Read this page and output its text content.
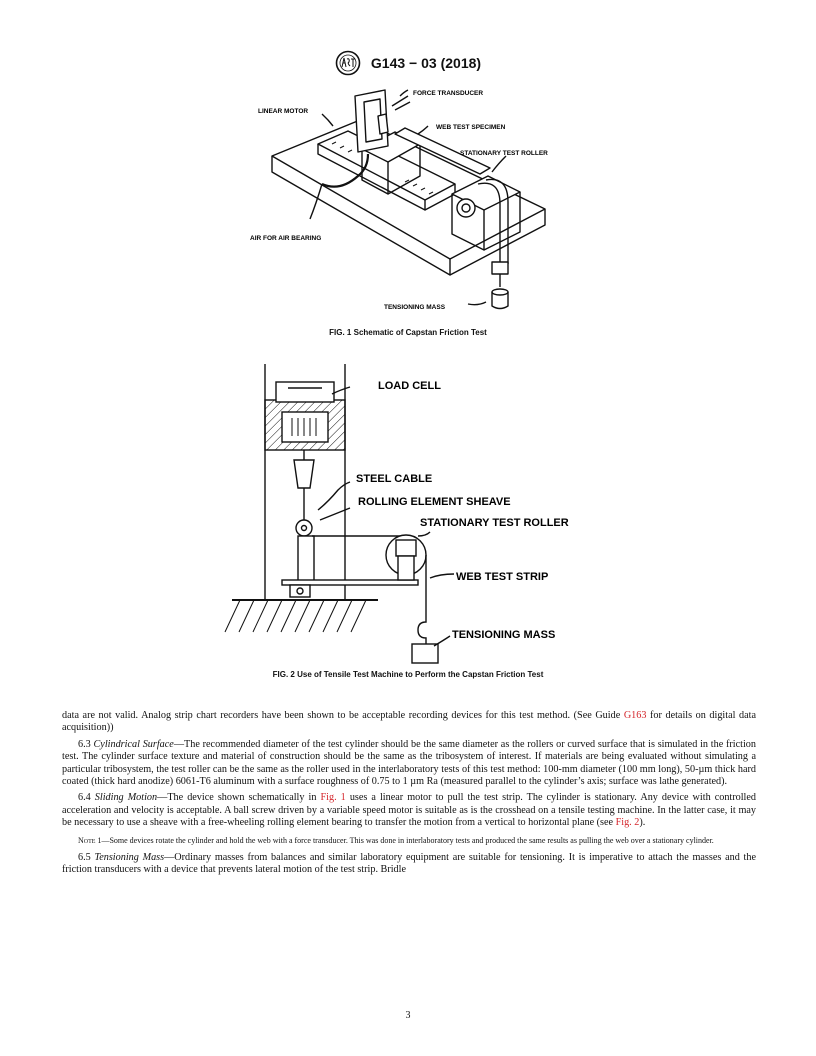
G143 − 03 (2018)
LINEAR MOTOR
FORCE TRANSDUCER
WEB TEST SPECIMEN
STATIONARY TEST ROLLER
AIR FOR AIR BEARING
TENSIONING MASS
FIG. 1 Schematic of Capstan Friction Test
LOAD CELL
STEEL CABLE
ROLLING ELEMENT SHEAVE
STATIONARY TEST ROLLER
WEB TEST STRIP
TENSIONING MASS
FIG. 2 Use of Tensile Test Machine to Perform the Capstan Friction Test

data are not valid. Analog strip chart recorders have been shown to be acceptable recording devices for this test method. (See Guide G163 for details on digital data acquisition))

6.3 Cylindrical Surface—The recommended diameter of the test cylinder should be the same diameter as the rollers or curved surface that is simulated in the friction test. The cylinder surface texture and material of construction should be the same as the tribosystem of interest. If materials are being evaluated without simulating a particular tribosystem, the test roller can be the same as the roller used in the interlaboratory tests of this test method: 100-mm diameter (100 mm long), 50-µm thick hard coated (thick hard anodize) 6061-T6 aluminum with a surface roughness of 0.75 to 1 µm Ra (measured parallel to the cylinder’s axis; surface was lathe generated).

6.4 Sliding Motion—The device shown schematically in Fig. 1 uses a linear motor to pull the test strip. The cylinder is stationary. Any device with controlled acceleration and velocity is acceptable. A ball screw driven by a variable speed motor is suitable as is the crosshead on a tensile testing machine. In the latter case, it may be necessary to use a sheave with a free-wheeling rolling element bearing to transfer the motion from a vertical to horizontal plane (see Fig. 2).

Note 1—Some devices rotate the cylinder and hold the web with a force transducer. This was done in interlaboratory tests and produced the same results as pulling the web over a stationary cylinder.

6.5 Tensioning Mass—Ordinary masses from balances and similar laboratory equipment are suitable for tensioning. It is imperative to attach the masses and the friction transducers with a device that prevents lateral motion of the test strip. Bridle

3
